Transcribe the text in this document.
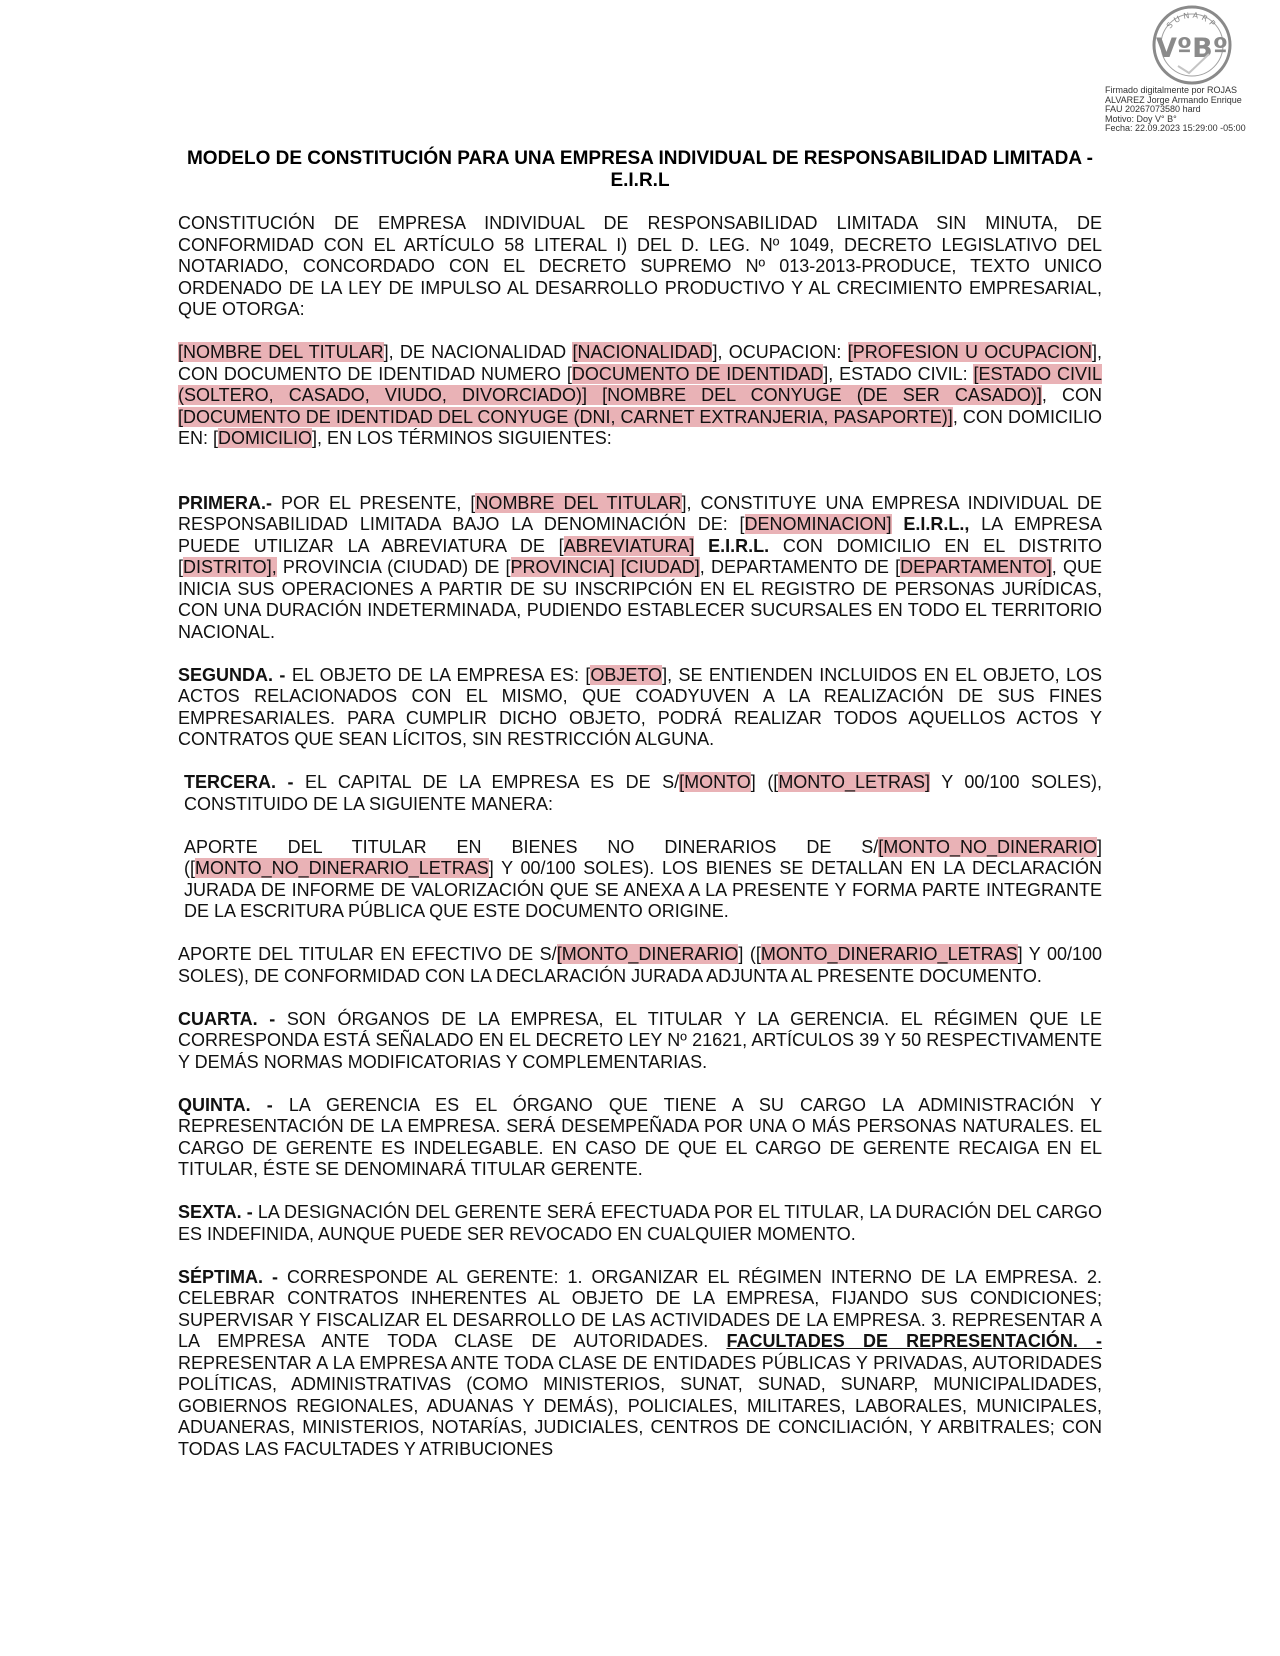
SUNARP
VºBº
Firmado digitalmente por ROJAS
ALVAREZ Jorge Armando Enrique
FAU 20267073580 hard
Motivo: Doy V° B°
Fecha: 22.09.2023 15:29:00 -05:00
MODELO DE CONSTITUCIÓN PARA UNA EMPRESA INDIVIDUAL DE RESPONSABILIDAD LIMITADA -
E.I.R.L

CONSTITUCIÓN DE EMPRESA INDIVIDUAL DE RESPONSABILIDAD LIMITADA SIN MINUTA, DE CONFORMIDAD CON EL ARTÍCULO 58 LITERAL I) DEL D. LEG. Nº 1049, DECRETO LEGISLATIVO DEL NOTARIADO, CONCORDADO CON EL DECRETO SUPREMO Nº 013-2013-PRODUCE, TEXTO UNICO ORDENADO DE LA LEY DE IMPULSO AL DESARROLLO PRODUCTIVO Y AL CRECIMIENTO EMPRESARIAL, QUE OTORGA:

[NOMBRE DEL TITULAR], DE NACIONALIDAD [NACIONALIDAD], OCUPACION: [PROFESION U OCUPACION], CON DOCUMENTO DE IDENTIDAD NUMERO [DOCUMENTO DE IDENTIDAD], ESTADO CIVIL: [ESTADO CIVIL (SOLTERO, CASADO, VIUDO, DIVORCIADO)] [NOMBRE DEL CONYUGE (DE SER CASADO)], CON [DOCUMENTO DE IDENTIDAD DEL CONYUGE (DNI, CARNET EXTRANJERIA, PASAPORTE)], CON DOMICILIO EN: [DOMICILIO], EN LOS TÉRMINOS SIGUIENTES:

PRIMERA.- POR EL PRESENTE, [NOMBRE DEL TITULAR], CONSTITUYE UNA EMPRESA INDIVIDUAL DE RESPONSABILIDAD LIMITADA BAJO LA DENOMINACIÓN DE: [DENOMINACION] E.I.R.L., LA EMPRESA PUEDE UTILIZAR LA ABREVIATURA DE [ABREVIATURA] E.I.R.L. CON DOMICILIO EN EL DISTRITO [DISTRITO], PROVINCIA (CIUDAD) DE [PROVINCIA] [CIUDAD], DEPARTAMENTO DE [DEPARTAMENTO], QUE INICIA SUS OPERACIONES A PARTIR DE SU INSCRIPCIÓN EN EL REGISTRO DE PERSONAS JURÍDICAS, CON UNA DURACIÓN INDETERMINADA, PUDIENDO ESTABLECER SUCURSALES EN TODO EL TERRITORIO NACIONAL.

SEGUNDA. - EL OBJETO DE LA EMPRESA ES: [OBJETO], SE ENTIENDEN INCLUIDOS EN EL OBJETO, LOS ACTOS RELACIONADOS CON EL MISMO, QUE COADYUVEN A LA REALIZACIÓN DE SUS FINES EMPRESARIALES. PARA CUMPLIR DICHO OBJETO, PODRÁ REALIZAR TODOS AQUELLOS ACTOS Y CONTRATOS QUE SEAN LÍCITOS, SIN RESTRICCIÓN ALGUNA.

TERCERA. - EL CAPITAL DE LA EMPRESA ES DE S/[MONTO] ([MONTO_LETRAS] Y 00/100 SOLES), CONSTITUIDO DE LA SIGUIENTE MANERA:

APORTE DEL TITULAR EN BIENES NO DINERARIOS DE S/[MONTO_NO_DINERARIO] ([MONTO_NO_DINERARIO_LETRAS] Y 00/100 SOLES). LOS BIENES SE DETALLAN EN LA DECLARACIÓN JURADA DE INFORME DE VALORIZACIÓN QUE SE ANEXA A LA PRESENTE Y FORMA PARTE INTEGRANTE DE LA ESCRITURA PÚBLICA QUE ESTE DOCUMENTO ORIGINE.

APORTE DEL TITULAR EN EFECTIVO DE S/[MONTO_DINERARIO] ([MONTO_DINERARIO_LETRAS] Y 00/100 SOLES), DE CONFORMIDAD CON LA DECLARACIÓN JURADA ADJUNTA AL PRESENTE DOCUMENTO.

CUARTA. - SON ÓRGANOS DE LA EMPRESA, EL TITULAR Y LA GERENCIA. EL RÉGIMEN QUE LE CORRESPONDA ESTÁ SEÑALADO EN EL DECRETO LEY Nº 21621, ARTÍCULOS 39 Y 50 RESPECTIVAMENTE Y DEMÁS NORMAS MODIFICATORIAS Y COMPLEMENTARIAS.

QUINTA. - LA GERENCIA ES EL ÓRGANO QUE TIENE A SU CARGO LA ADMINISTRACIÓN Y REPRESENTACIÓN DE LA EMPRESA. SERÁ DESEMPEÑADA POR UNA O MÁS PERSONAS NATURALES. EL CARGO DE GERENTE ES INDELEGABLE. EN CASO DE QUE EL CARGO DE GERENTE RECAIGA EN EL TITULAR, ÉSTE SE DENOMINARÁ TITULAR GERENTE.

SEXTA. - LA DESIGNACIÓN DEL GERENTE SERÁ EFECTUADA POR EL TITULAR, LA DURACIÓN DEL CARGO ES INDEFINIDA, AUNQUE PUEDE SER REVOCADO EN CUALQUIER MOMENTO.

SÉPTIMA. - CORRESPONDE AL GERENTE: 1. ORGANIZAR EL RÉGIMEN INTERNO DE LA EMPRESA. 2. CELEBRAR CONTRATOS INHERENTES AL OBJETO DE LA EMPRESA, FIJANDO SUS CONDICIONES; SUPERVISAR Y FISCALIZAR EL DESARROLLO DE LAS ACTIVIDADES DE LA EMPRESA. 3. REPRESENTAR A LA EMPRESA ANTE TODA CLASE DE AUTORIDADES. FACULTADES DE REPRESENTACIÓN. - REPRESENTAR A LA EMPRESA ANTE TODA CLASE DE ENTIDADES PÚBLICAS Y PRIVADAS, AUTORIDADES POLÍTICAS, ADMINISTRATIVAS (COMO MINISTERIOS, SUNAT, SUNAD, SUNARP, MUNICIPALIDADES, GOBIERNOS REGIONALES, ADUANAS Y DEMÁS), POLICIALES, MILITARES, LABORALES, MUNICIPALES, ADUANERAS, MINISTERIOS, NOTARÍAS, JUDICIALES, CENTROS DE CONCILIACIÓN, Y ARBITRALES; CON TODAS LAS FACULTADES Y ATRIBUCIONES
